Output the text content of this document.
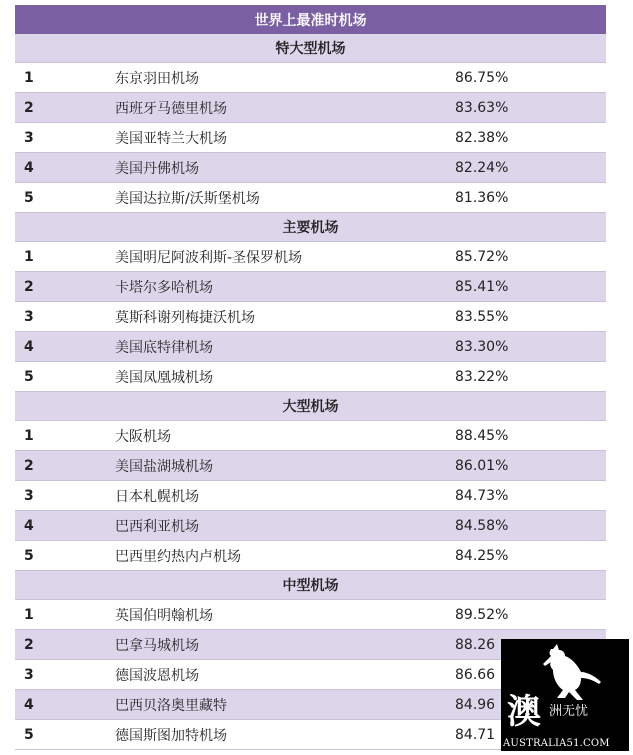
世界上最准时机场
特大型机场
1	东京羽田机场	86.75%
2	西班牙马德里机场	83.63%
3	美国亚特兰大机场	82.38%
4	美国丹佛机场	82.24%
5	美国达拉斯/沃斯堡机场	81.36%
主要机场
1	美国明尼阿波利斯-圣保罗机场	85.72%
2	卡塔尔多哈机场	85.41%
3	莫斯科谢列梅捷沃机场	83.55%
4	美国底特律机场	83.30%
5	美国凤凰城机场	83.22%
大型机场
1	大阪机场	88.45%
2	美国盐湖城机场	86.01%
3	日本札幌机场	84.73%
4	巴西利亚机场	84.58%
5	巴西里约热内卢机场	84.25%
中型机场
1	英国伯明翰机场	89.52%
2	巴拿马城机场	88.26
3	德国波恩机场	86.66
4	巴西贝洛奥里藏特	84.96
5	德国斯图加特机场	84.71
澳 洲无忧
AUSTRALIA51.COM
